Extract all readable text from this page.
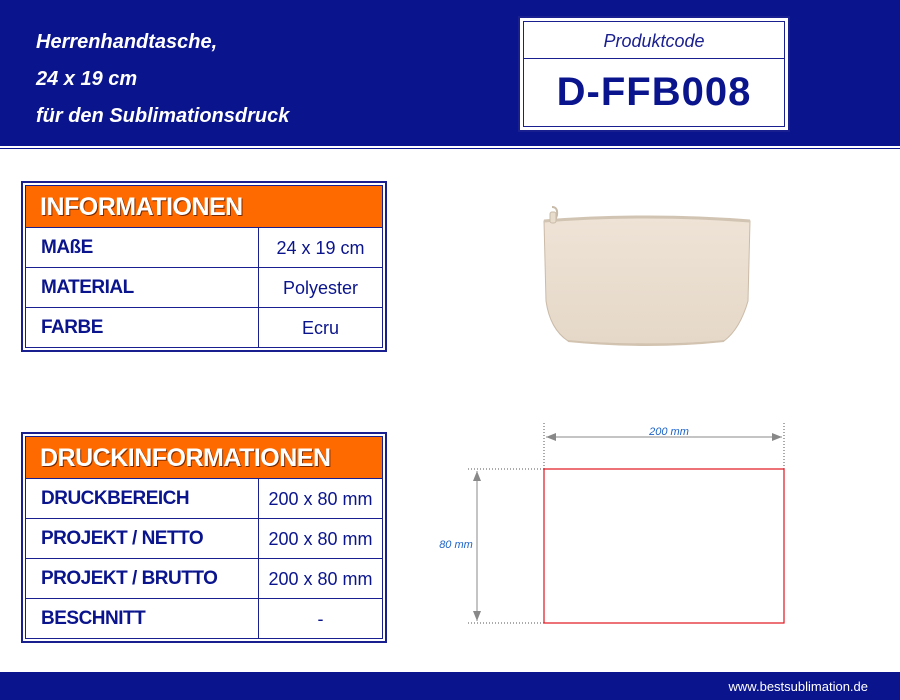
Herrenhandtasche,
24 x 19 cm
für den Sublimationsdruck
Produktcode
D-FFB008
INFORMATIONEN
MAßE	24 x 19 cm
MATERIAL	Polyester
FARBE	Ecru
DRUCKINFORMATIONEN
DRUCKBEREICH	200 x 80 mm
PROJEKT / NETTO	200 x 80 mm
PROJEKT / BRUTTO	200 x 80 mm
BESCHNITT	-
200 mm
80 mm
www.bestsublimation.de
